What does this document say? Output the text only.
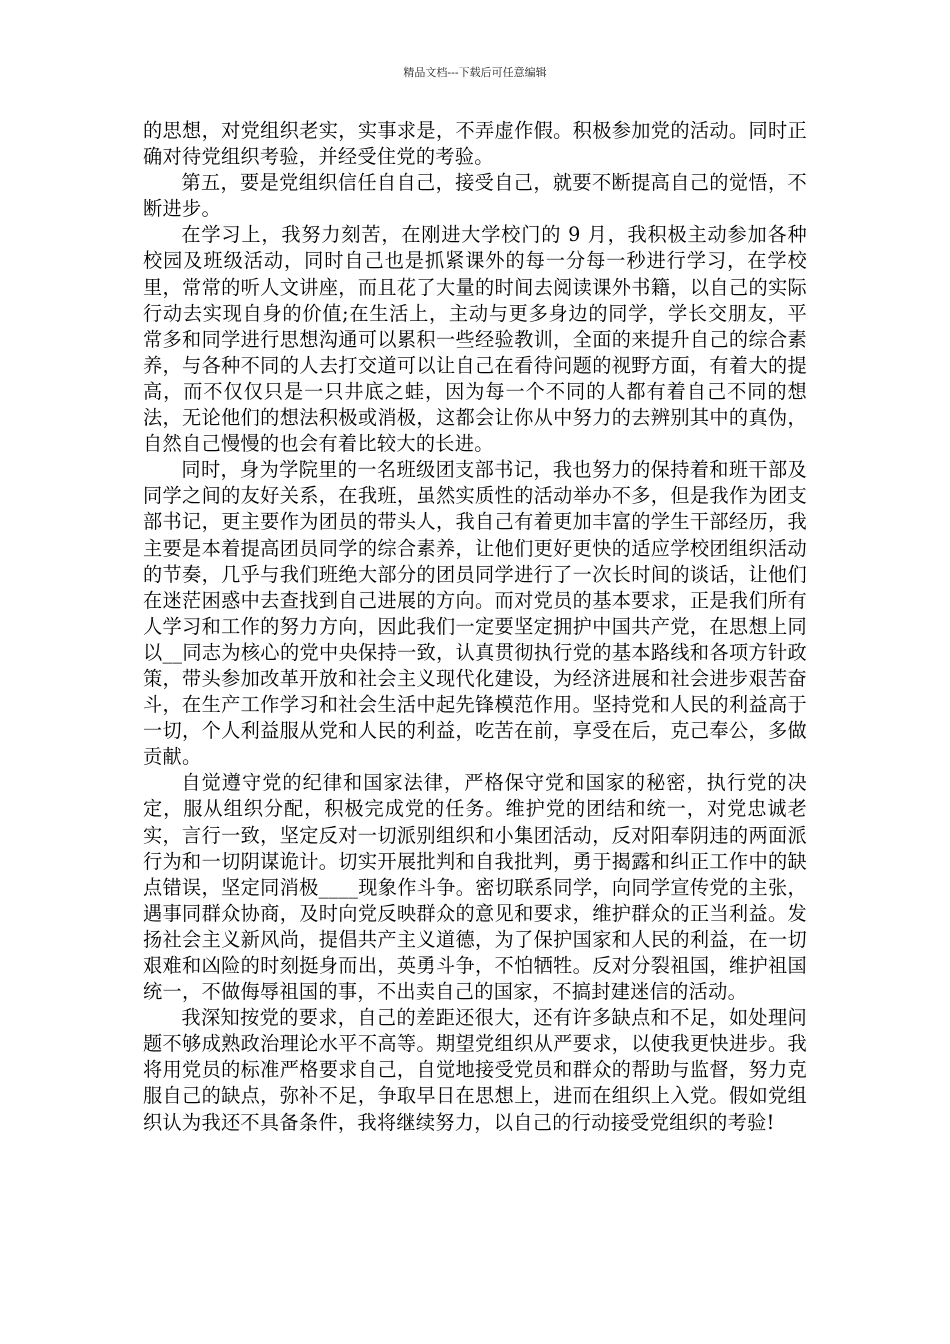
精品文档---下载后可任意编辑

的思想，对党组织老实，实事求是，不弄虚作假。积极参加党的活动。同时正确对待党组织考验，并经受住党的考验。

第五，要是党组织信任自自己，接受自己，就要不断提高自己的觉悟，不断进步。

在学习上，我努力刻苦，在刚进大学校门的 9 月，我积极主动参加各种校园及班级活动，同时自己也是抓紧课外的每一分每一秒进行学习，在学校里，常常的听人文讲座，而且花了大量的时间去阅读课外书籍，以自己的实际行动去实现自身的价值;在生活上，主动与更多身边的同学，学长交朋友，平常多和同学进行思想沟通可以累积一些经验教训，全面的来提升自己的综合素养，与各种不同的人去打交道可以让自己在看待问题的视野方面，有着大的提高，而不仅仅只是一只井底之蛙，因为每一个不同的人都有着自己不同的想法，无论他们的想法积极或消极，这都会让你从中努力的去辨别其中的真伪，自然自己慢慢的也会有着比较大的长进。

同时，身为学院里的一名班级团支部书记，我也努力的保持着和班干部及同学之间的友好关系，在我班，虽然实质性的活动举办不多，但是我作为团支部书记，更主要作为团员的带头人，我自己有着更加丰富的学生干部经历，我主要是本着提高团员同学的综合素养，让他们更好更快的适应学校团组织活动的节奏，几乎与我们班绝大部分的团员同学进行了一次长时间的谈话，让他们在迷茫困惑中去查找到自己进展的方向。而对党员的基本要求，正是我们所有人学习和工作的努力方向，因此我们一定要坚定拥护中国共产党，在思想上同以__同志为核心的党中央保持一致，认真贯彻执行党的基本路线和各项方针政策，带头参加改革开放和社会主义现代化建设，为经济进展和社会进步艰苦奋斗，在生产工作学习和社会生活中起先锋模范作用。坚持党和人民的利益高于一切，个人利益服从党和人民的利益，吃苦在前，享受在后，克己奉公，多做贡献。

自觉遵守党的纪律和国家法律，严格保守党和国家的秘密，执行党的决定，服从组织分配，积极完成党的任务。维护党的团结和统一，对党忠诚老实，言行一致，坚定反对一切派别组织和小集团活动，反对阳奉阴违的两面派行为和一切阴谋诡计。切实开展批判和自我批判，勇于揭露和纠正工作中的缺点错误，坚定同消极____现象作斗争。密切联系同学，向同学宣传党的主张，遇事同群众协商，及时向党反映群众的意见和要求，维护群众的正当利益。发扬社会主义新风尚，提倡共产主义道德，为了保护国家和人民的利益，在一切艰难和凶险的时刻挺身而出，英勇斗争，不怕牺牲。反对分裂祖国，维护祖国统一，不做侮辱祖国的事，不出卖自己的国家，不搞封建迷信的活动。

我深知按党的要求，自己的差距还很大，还有许多缺点和不足，如处理问题不够成熟政治理论水平不高等。期望党组织从严要求，以使我更快进步。我将用党员的标准严格要求自己，自觉地接受党员和群众的帮助与监督，努力克服自己的缺点，弥补不足，争取早日在思想上，进而在组织上入党。假如党组织认为我还不具备条件，我将继续努力，以自己的行动接受党组织的考验!
